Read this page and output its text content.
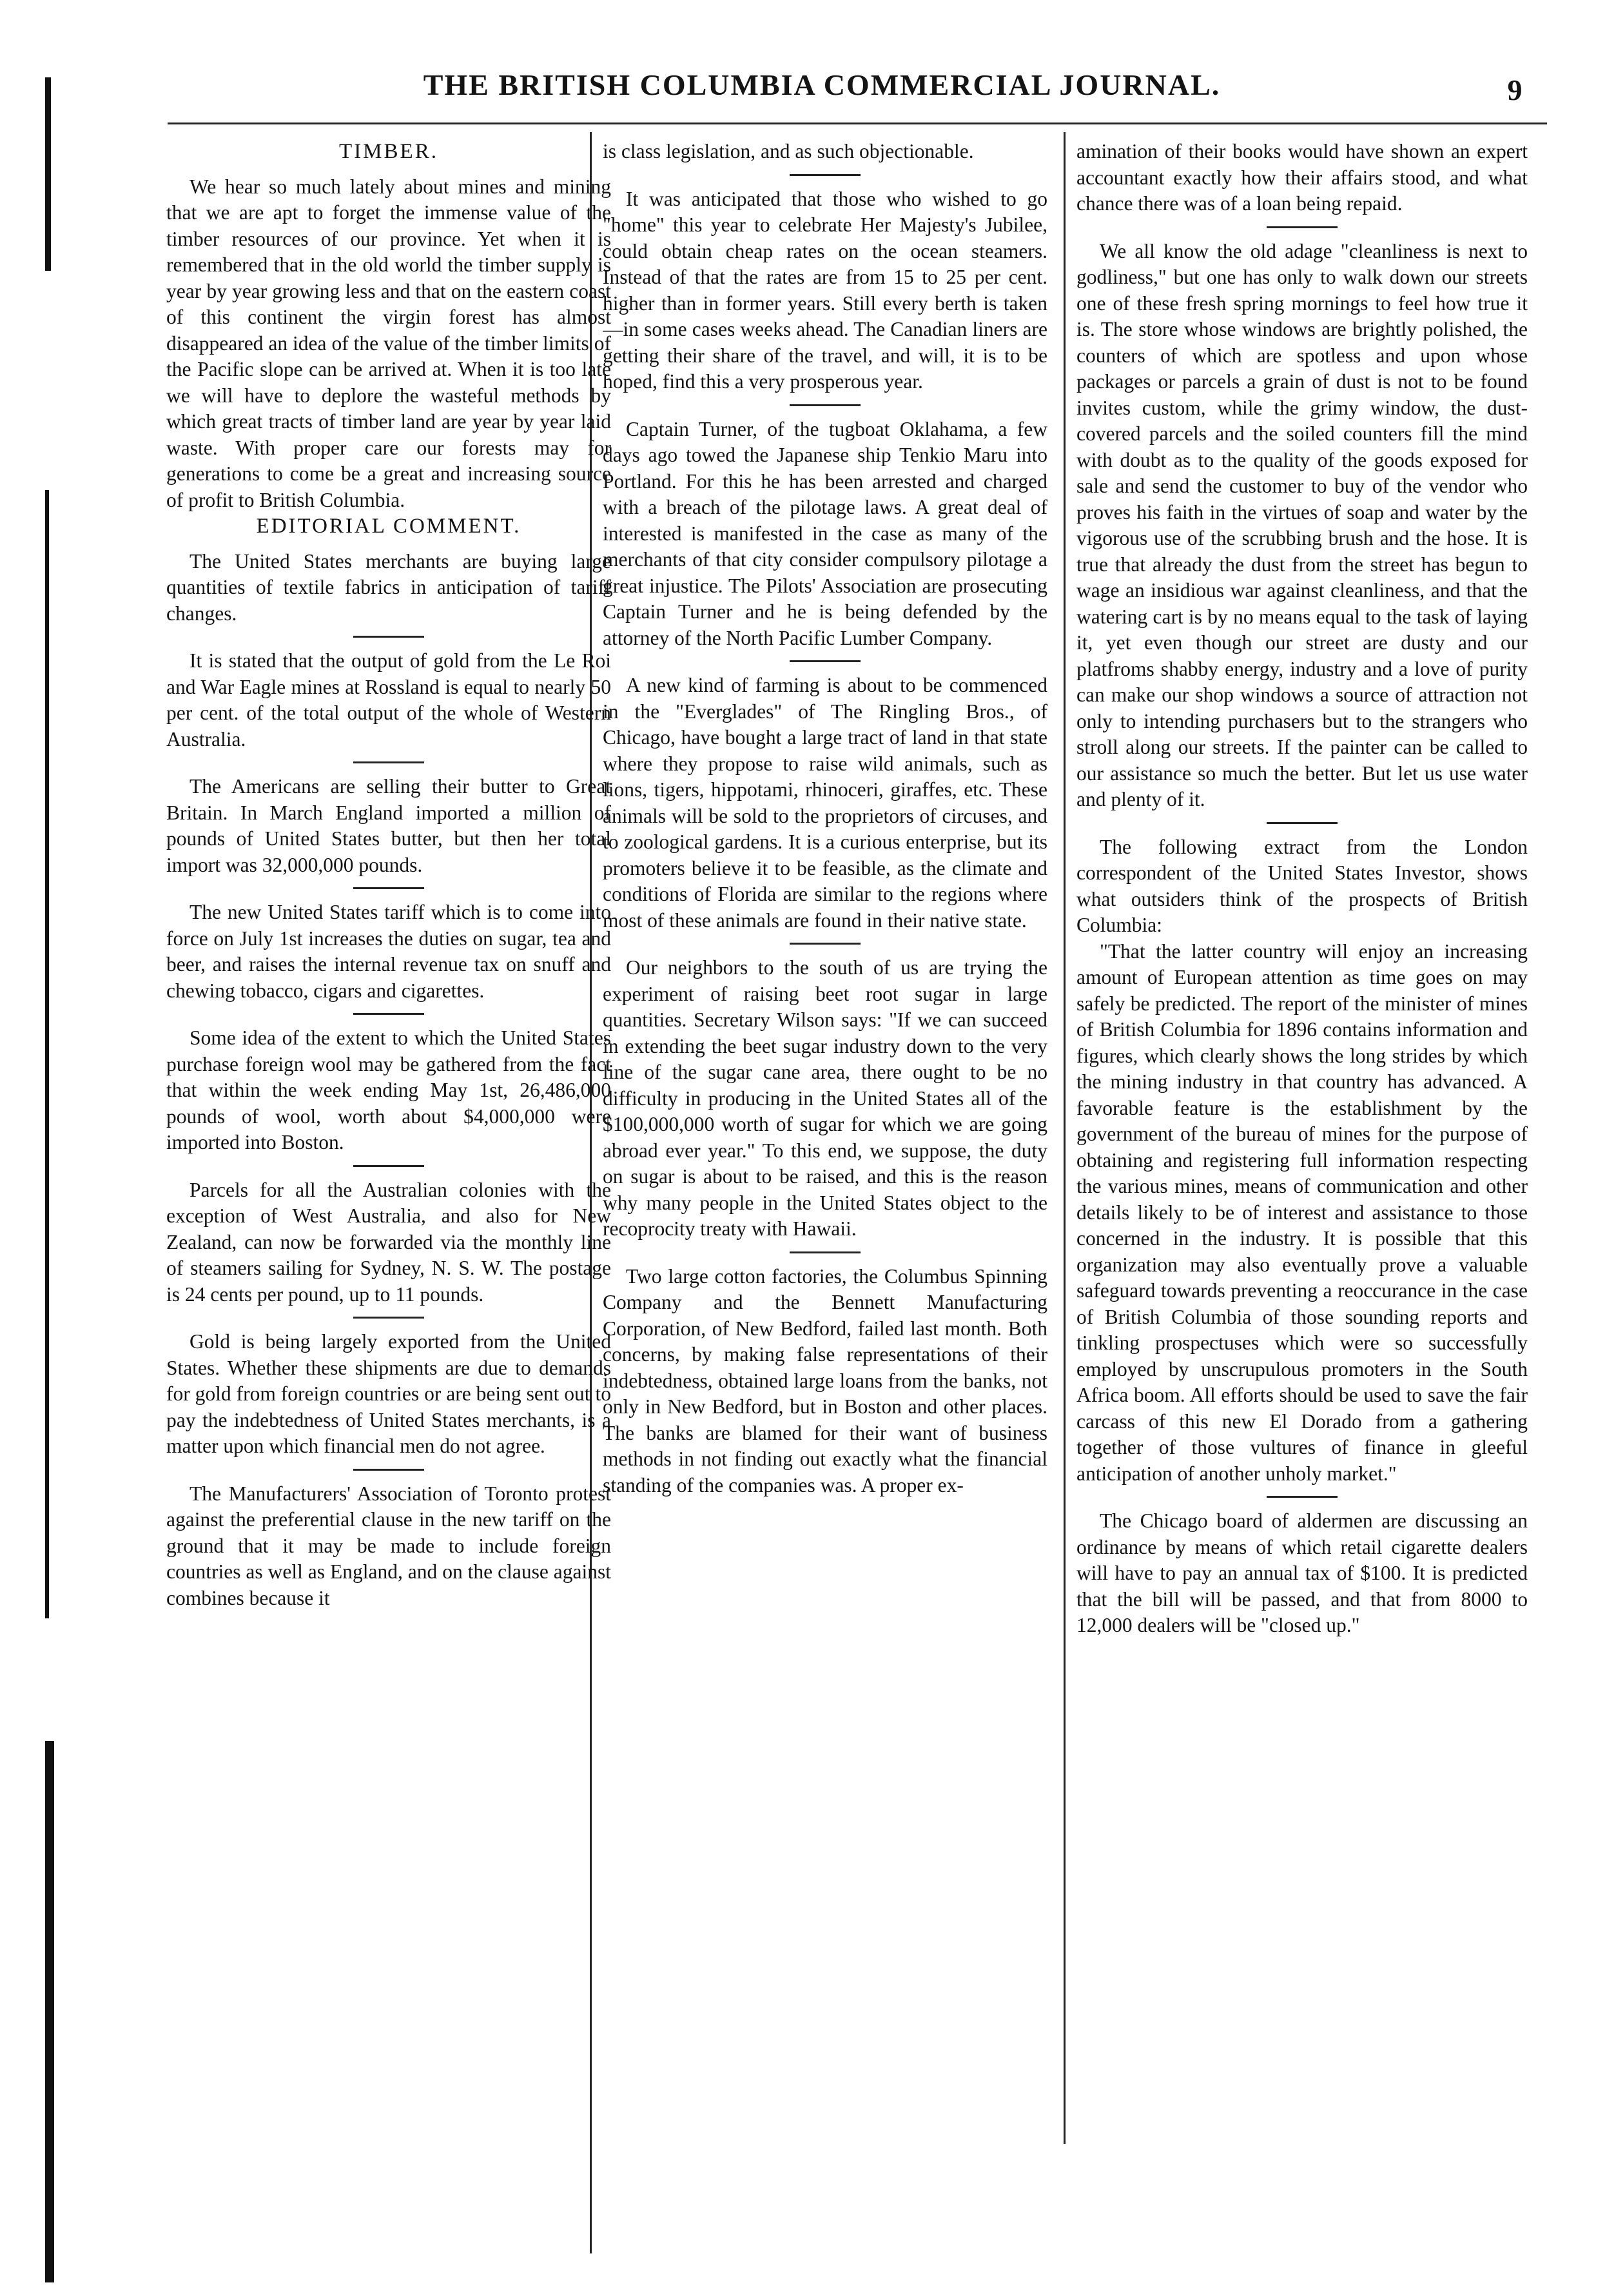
THE BRITISH COLUMBIA COMMERCIAL JOURNAL.	9
TIMBER.

We hear so much lately about mines and mining that we are apt to forget the immense value of the timber resources of our province. Yet when it is remembered that in the old world the timber supply is year by year growing less and that on the eastern coast of this continent the virgin forest has almost disappeared an idea of the value of the timber limits of the Pacific slope can be arrived at. When it is too late we will have to deplore the wasteful methods by which great tracts of timber land are year by year laid waste. With proper care our forests may for generations to come be a great and increasing source of profit to British Columbia.

EDITORIAL COMMENT.

The United States merchants are buying large quantities of textile fabrics in anticipation of tariff changes.

It is stated that the output of gold from the Le Roi and War Eagle mines at Rossland is equal to nearly 50 per cent. of the total output of the whole of Western Australia.

The Americans are selling their butter to Great Britain. In March England imported a million of pounds of United States butter, but then her total import was 32,000,000 pounds.

The new United States tariff which is to come into force on July 1st increases the duties on sugar, tea and beer, and raises the internal revenue tax on snuff and chewing tobacco, cigars and cigarettes.

Some idea of the extent to which the United States purchase foreign wool may be gathered from the fact that within the week ending May 1st, 26,486,000 pounds of wool, worth about $4,000,000 were imported into Boston.

Parcels for all the Australian colonies with the exception of West Australia, and also for New Zealand, can now be forwarded via the monthly line of steamers sailing for Sydney, N. S. W. The postage is 24 cents per pound, up to 11 pounds.

Gold is being largely exported from the United States. Whether these shipments are due to demands for gold from foreign countries or are being sent out to pay the indebtedness of United States merchants, is a matter upon which financial men do not agree.

The Manufacturers' Association of Toronto protest against the preferential clause in the new tariff on the ground that it may be made to include foreign countries as well as England, and on the clause against combines because it

is class legislation, and as such objectionable.

It was anticipated that those who wished to go "home" this year to celebrate Her Majesty's Jubilee, could obtain cheap rates on the ocean steamers. Instead of that the rates are from 15 to 25 per cent. higher than in former years. Still every berth is taken—in some cases weeks ahead. The Canadian liners are getting their share of the travel, and will, it is to be hoped, find this a very prosperous year.

Captain Turner, of the tugboat Oklahama, a few days ago towed the Japanese ship Tenkio Maru into Portland. For this he has been arrested and charged with a breach of the pilotage laws. A great deal of interested is manifested in the case as many of the merchants of that city consider compulsory pilotage a great injustice. The Pilots' Association are prosecuting Captain Turner and he is being defended by the attorney of the North Pacific Lumber Company.

A new kind of farming is about to be commenced in the "Everglades" of The Ringling Bros., of Chicago, have bought a large tract of land in that state where they propose to raise wild animals, such as lions, tigers, hippotami, rhinoceri, giraffes, etc. These animals will be sold to the proprietors of circuses, and to zoological gardens. It is a curious enterprise, but its promoters believe it to be feasible, as the climate and conditions of Florida are similar to the regions where most of these animals are found in their native state.

Our neighbors to the south of us are trying the experiment of raising beet root sugar in large quantities. Secretary Wilson says: "If we can succeed in extending the beet sugar industry down to the very line of the sugar cane area, there ought to be no difficulty in producing in the United States all of the $100,000,000 worth of sugar for which we are going abroad ever year." To this end, we suppose, the duty on sugar is about to be raised, and this is the reason why many people in the United States object to the recoprocity treaty with Hawaii.

Two large cotton factories, the Columbus Spinning Company and the Bennett Manufacturing Corporation, of New Bedford, failed last month. Both concerns, by making false representations of their indebtedness, obtained large loans from the banks, not only in New Bedford, but in Boston and other places. The banks are blamed for their want of business methods in not finding out exactly what the financial standing of the companies was. A proper ex-

amination of their books would have shown an expert accountant exactly how their affairs stood, and what chance there was of a loan being repaid.

We all know the old adage "cleanliness is next to godliness," but one has only to walk down our streets one of these fresh spring mornings to feel how true it is. The store whose windows are brightly polished, the counters of which are spotless and upon whose packages or parcels a grain of dust is not to be found invites custom, while the grimy window, the dust-covered parcels and the soiled counters fill the mind with doubt as to the quality of the goods exposed for sale and send the customer to buy of the vendor who proves his faith in the virtues of soap and water by the vigorous use of the scrubbing brush and the hose. It is true that already the dust from the street has begun to wage an insidious war against cleanliness, and that the watering cart is by no means equal to the task of laying it, yet even though our street are dusty and our platfroms shabby energy, industry and a love of purity can make our shop windows a source of attraction not only to intending purchasers but to the strangers who stroll along our streets. If the painter can be called to our assistance so much the better. But let us use water and plenty of it.

The following extract from the London correspondent of the United States Investor, shows what outsiders think of the prospects of British Columbia:

"That the latter country will enjoy an increasing amount of European attention as time goes on may safely be predicted. The report of the minister of mines of British Columbia for 1896 contains information and figures, which clearly shows the long strides by which the mining industry in that country has advanced. A favorable feature is the establishment by the government of the bureau of mines for the purpose of obtaining and registering full information respecting the various mines, means of communication and other details likely to be of interest and assistance to those concerned in the industry. It is possible that this organization may also eventually prove a valuable safeguard towards preventing a reoccurance in the case of British Columbia of those sounding reports and tinkling prospectuses which were so successfully employed by unscrupulous promoters in the South Africa boom. All efforts should be used to save the fair carcass of this new El Dorado from a gathering together of those vultures of finance in gleeful anticipation of another unholy market."

The Chicago board of aldermen are discussing an ordinance by means of which retail cigarette dealers will have to pay an annual tax of $100. It is predicted that the bill will be passed, and that from 8000 to 12,000 dealers will be "closed up."
